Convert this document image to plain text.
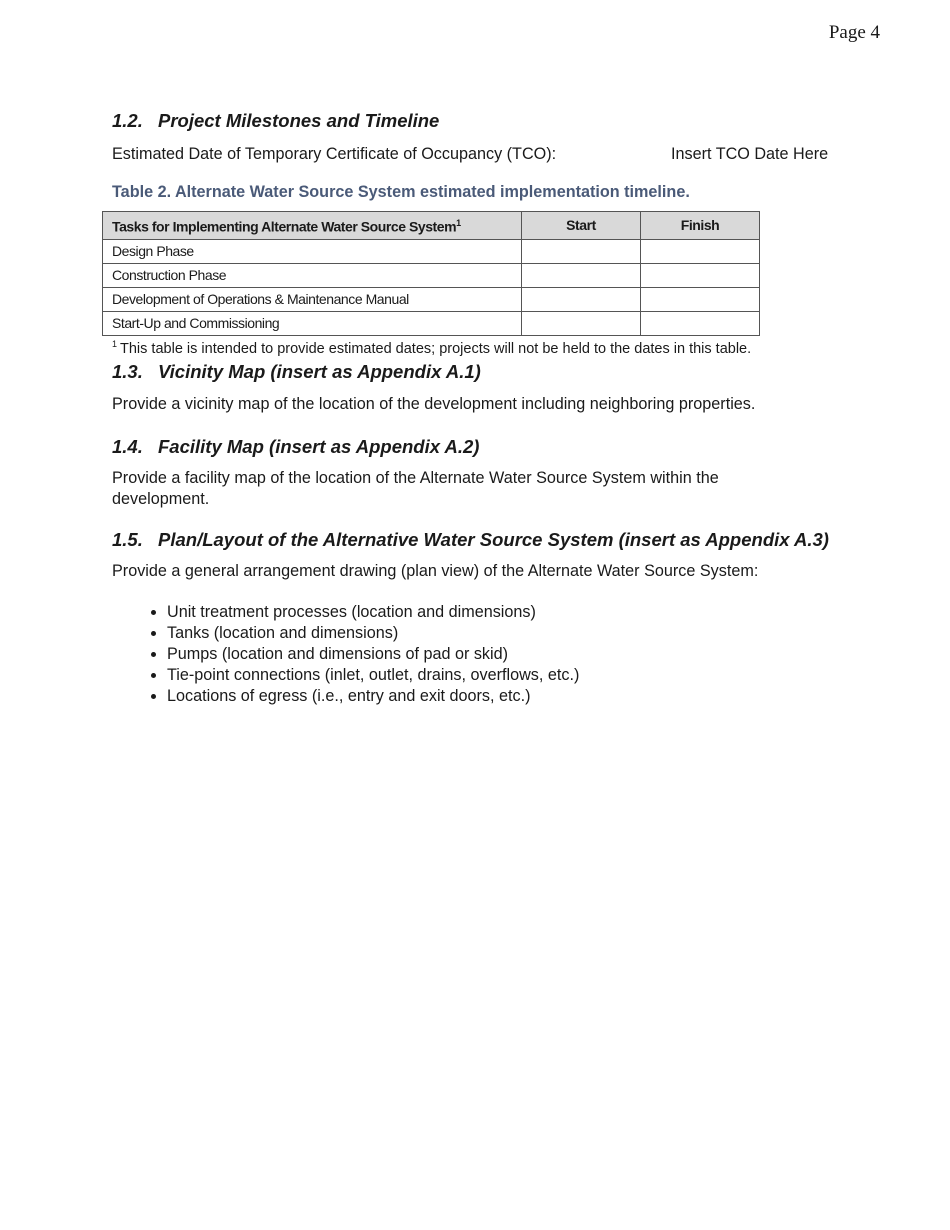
Page 4
1.2. Project Milestones and Timeline

Estimated Date of Temporary Certificate of Occupancy (TCO):	Insert TCO Date Here

Table 2. Alternate Water Source System estimated implementation timeline.
Tasks for Implementing Alternate Water Source System$^1$	Start	Finish
Design Phase		
Construction Phase		
Development of Operations & Maintenance Manual		
Start-Up and Commissioning		

$^1$ This table is intended to provide estimated dates; projects will not be held to the dates in this table.

1.3. Vicinity Map (insert as Appendix A.1)

Provide a vicinity map of the location of the development including neighboring properties.

1.4. Facility Map (insert as Appendix A.2)

Provide a facility map of the location of the Alternate Water Source System within the development.

1.5. Plan/Layout of the Alternative Water Source System (insert as Appendix A.3)

Provide a general arrangement drawing (plan view) of the Alternate Water Source System:

• Unit treatment processes (location and dimensions)
• Tanks (location and dimensions)
• Pumps (location and dimensions of pad or skid)
• Tie-point connections (inlet, outlet, drains, overflows, etc.)
• Locations of egress (i.e., entry and exit doors, etc.)
